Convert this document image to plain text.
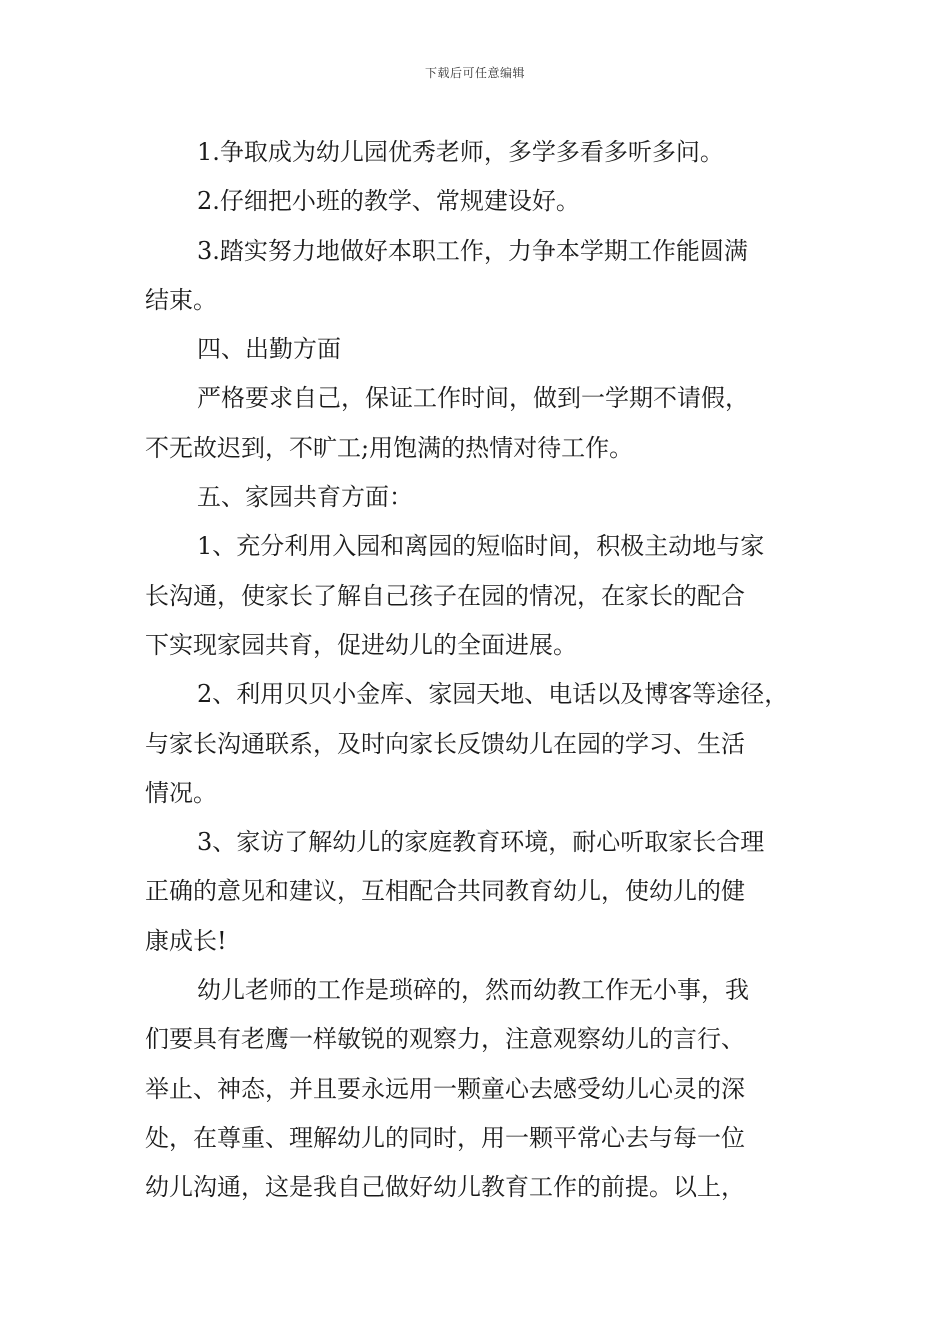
下载后可任意编辑

1.争取成为幼儿园优秀老师，多学多看多听多问。

2.仔细把小班的教学、常规建设好。

3.踏实努力地做好本职工作，力争本学期工作能圆满

结束。

四、出勤方面

严格要求自己，保证工作时间，做到一学期不请假，

不无故迟到，不旷工;用饱满的热情对待工作。

五、家园共育方面：

1、充分利用入园和离园的短临时间，积极主动地与家

长沟通，使家长了解自己孩子在园的情况，在家长的配合

下实现家园共育，促进幼儿的全面进展。

2、利用贝贝小金库、家园天地、电话以及博客等途径，

与家长沟通联系，及时向家长反馈幼儿在园的学习、生活

情况。

3、家访了解幼儿的家庭教育环境，耐心听取家长合理

正确的意见和建议，互相配合共同教育幼儿，使幼儿的健

康成长!

幼儿老师的工作是琐碎的，然而幼教工作无小事，我

们要具有老鹰一样敏锐的观察力，注意观察幼儿的言行、

举止、神态，并且要永远用一颗童心去感受幼儿心灵的深

处，在尊重、理解幼儿的同时，用一颗平常心去与每一位

幼儿沟通，这是我自己做好幼儿教育工作的前提。以上，
